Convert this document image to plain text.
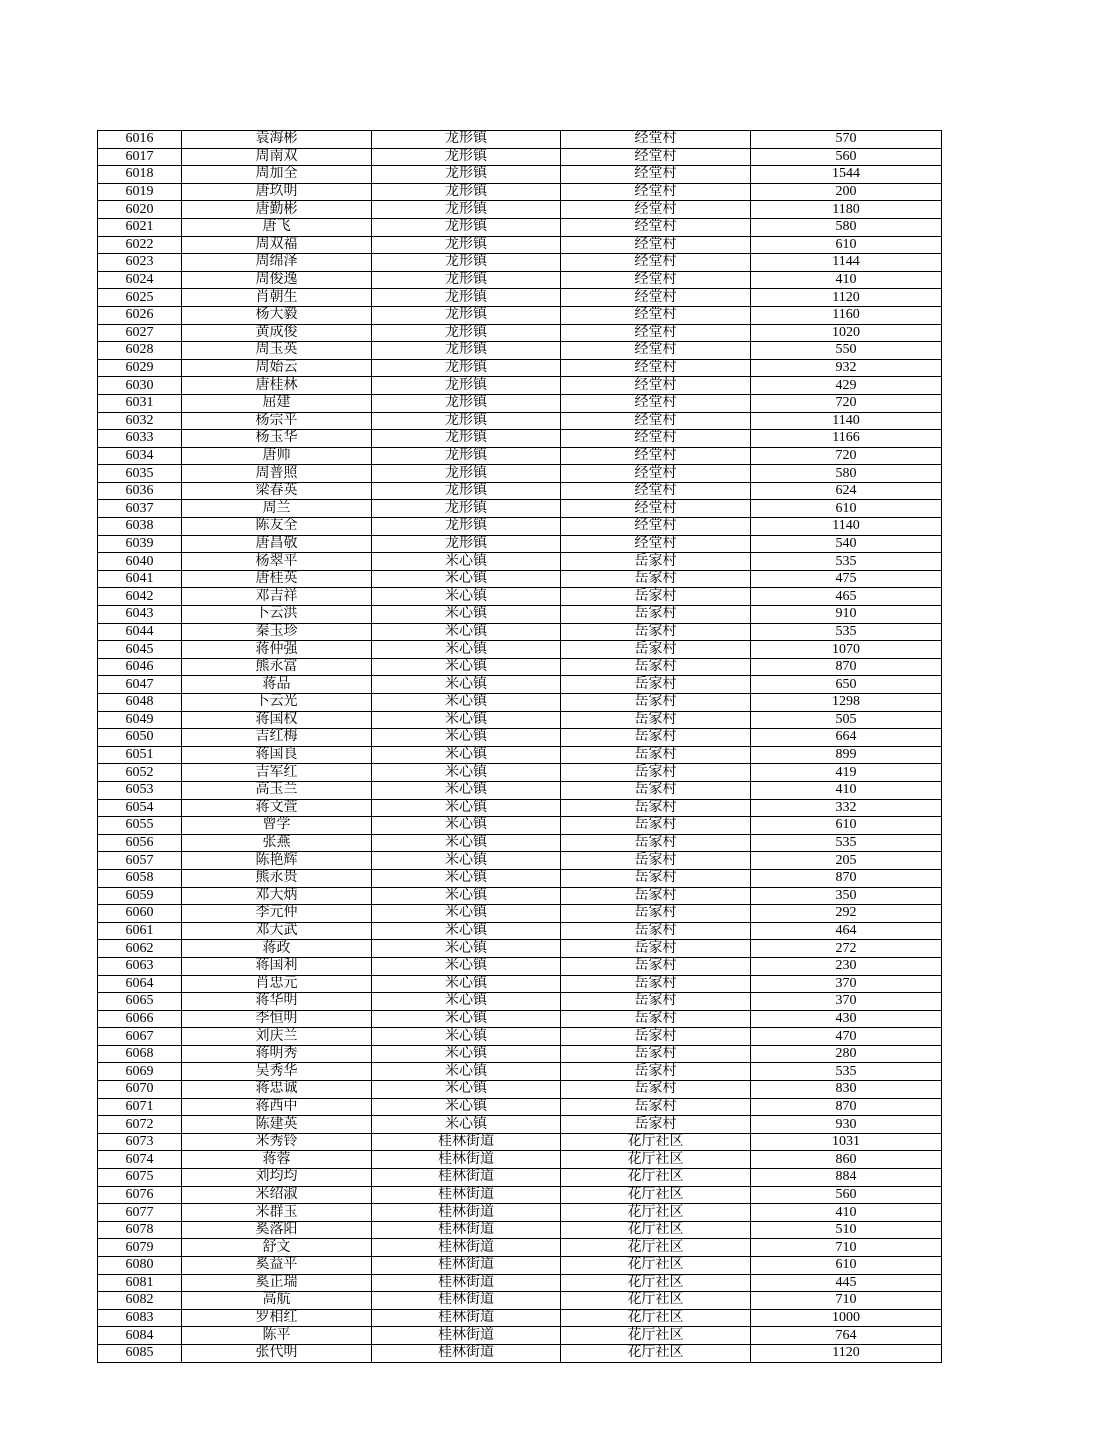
6016	袁海彬	龙形镇	经堂村	570
6017	周南双	龙形镇	经堂村	560
6018	周加全	龙形镇	经堂村	1544
6019	唐玖明	龙形镇	经堂村	200
6020	唐勤彬	龙形镇	经堂村	1180
6021	唐飞	龙形镇	经堂村	580
6022	周双福	龙形镇	经堂村	610
6023	周绵泽	龙形镇	经堂村	1144
6024	周俊逸	龙形镇	经堂村	410
6025	肖朝生	龙形镇	经堂村	1120
6026	杨大毅	龙形镇	经堂村	1160
6027	黄成俊	龙形镇	经堂村	1020
6028	周玉英	龙形镇	经堂村	550
6029	周始云	龙形镇	经堂村	932
6030	唐桂林	龙形镇	经堂村	429
6031	屈建	龙形镇	经堂村	720
6032	杨宗平	龙形镇	经堂村	1140
6033	杨玉华	龙形镇	经堂村	1166
6034	唐帅	龙形镇	经堂村	720
6035	周普照	龙形镇	经堂村	580
6036	梁春英	龙形镇	经堂村	624
6037	周兰	龙形镇	经堂村	610
6038	陈友全	龙形镇	经堂村	1140
6039	唐昌敬	龙形镇	经堂村	540
6040	杨翠平	米心镇	岳家村	535
6041	唐桂英	米心镇	岳家村	475
6042	邓吉祥	米心镇	岳家村	465
6043	卜云洪	米心镇	岳家村	910
6044	秦玉珍	米心镇	岳家村	535
6045	蒋仲强	米心镇	岳家村	1070
6046	熊永富	米心镇	岳家村	870
6047	蒋品	米心镇	岳家村	650
6048	卜云光	米心镇	岳家村	1298
6049	蒋国权	米心镇	岳家村	505
6050	吉红梅	米心镇	岳家村	664
6051	蒋国良	米心镇	岳家村	899
6052	吉军红	米心镇	岳家村	419
6053	高玉兰	米心镇	岳家村	410
6054	蒋文萱	米心镇	岳家村	332
6055	曾学	米心镇	岳家村	610
6056	张燕	米心镇	岳家村	535
6057	陈艳辉	米心镇	岳家村	205
6058	熊永贵	米心镇	岳家村	870
6059	邓大炳	米心镇	岳家村	350
6060	李元仲	米心镇	岳家村	292
6061	邓大武	米心镇	岳家村	464
6062	蒋政	米心镇	岳家村	272
6063	蒋国利	米心镇	岳家村	230
6064	肖忠元	米心镇	岳家村	370
6065	蒋华明	米心镇	岳家村	370
6066	李恒明	米心镇	岳家村	430
6067	刘庆兰	米心镇	岳家村	470
6068	蒋明秀	米心镇	岳家村	280
6069	吴秀华	米心镇	岳家村	535
6070	蒋忠诚	米心镇	岳家村	830
6071	蒋西中	米心镇	岳家村	870
6072	陈建英	米心镇	岳家村	930
6073	米秀铃	桂林街道	花厅社区	1031
6074	蒋蓉	桂林街道	花厅社区	860
6075	刘均均	桂林街道	花厅社区	884
6076	米绍淑	桂林街道	花厅社区	560
6077	米群玉	桂林街道	花厅社区	410
6078	奚落阳	桂林街道	花厅社区	510
6079	舒文	桂林街道	花厅社区	710
6080	奚益平	桂林街道	花厅社区	610
6081	奚正瑞	桂林街道	花厅社区	445
6082	高航	桂林街道	花厅社区	710
6083	罗相红	桂林街道	花厅社区	1000
6084	陈平	桂林街道	花厅社区	764
6085	张代明	桂林街道	花厅社区	1120
